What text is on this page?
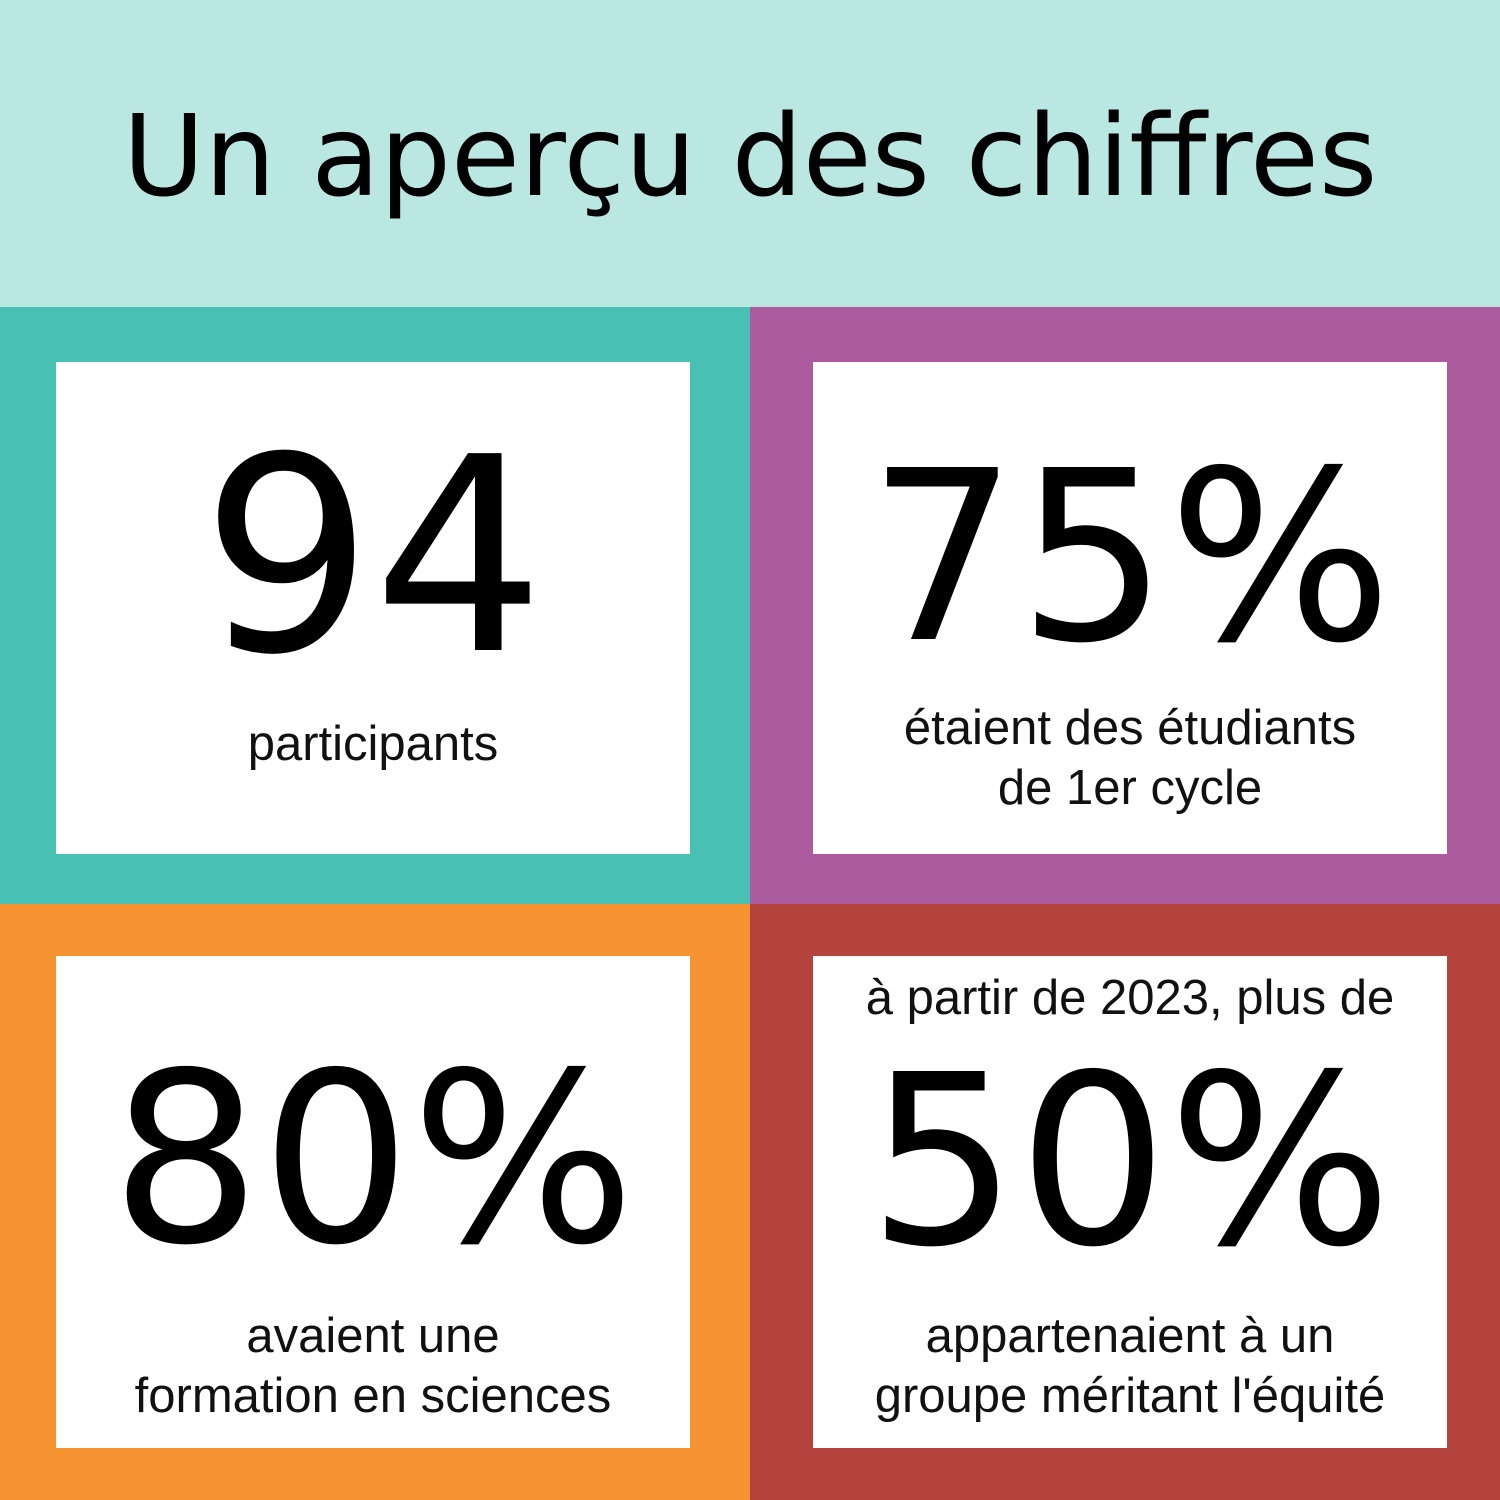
Un aperçu des chiffres
94
participants
75%
étaient des étudiants
de 1er cycle
80%
avaient une
formation en sciences
à partir de 2023, plus de
50%
appartenaient à un
groupe méritant l'équité
